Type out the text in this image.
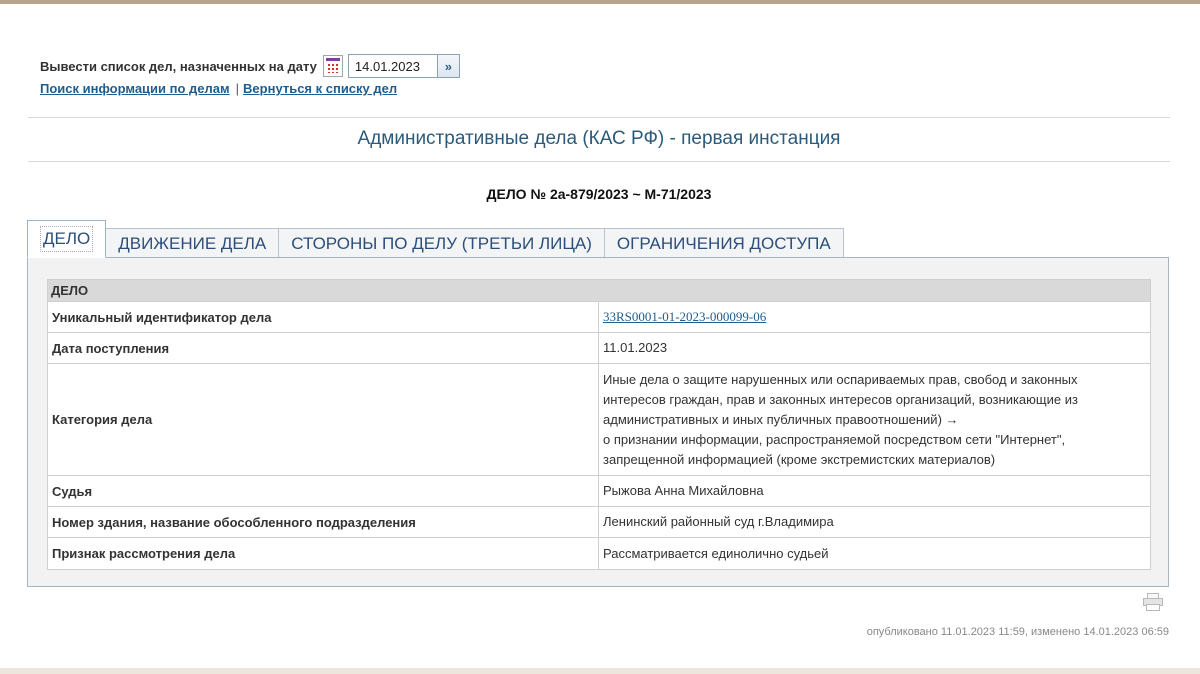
Вывести список дел, назначенных на дату
14.01.2023	»
Поиск информации по делам | Вернуться к списку дел
Административные дела (КАС РФ) - первая инстанция
ДЕЛО № 2а-879/2023 ~ М-71/2023
ДЕЛО	ДВИЖЕНИЕ ДЕЛА	СТОРОНЫ ПО ДЕЛУ (ТРЕТЬИ ЛИЦА)	ОГРАНИЧЕНИЯ ДОСТУПА
ДЕЛО	
Уникальный идентификатор дела	33RS0001-01-2023-000099-06
Дата поступления	11.01.2023
Категория дела	Иные дела о защите нарушенных или оспариваемых прав, свобод и законных
интересов граждан, прав и законных интересов организаций, возникающие из
административных и иных публичных правоотношений) →
о признании информации, распространяемой посредством сети "Интернет",
запрещенной информацией (кроме экстремистских материалов)

Судья	Рыжова Анна Михайловна
Номер здания, название обособленного подразделения	Ленинский районный суд г.Владимира
Признак рассмотрения дела	Рассматривается единолично судьей
опубликовано 11.01.2023 11:59, изменено 14.01.2023 06:59
